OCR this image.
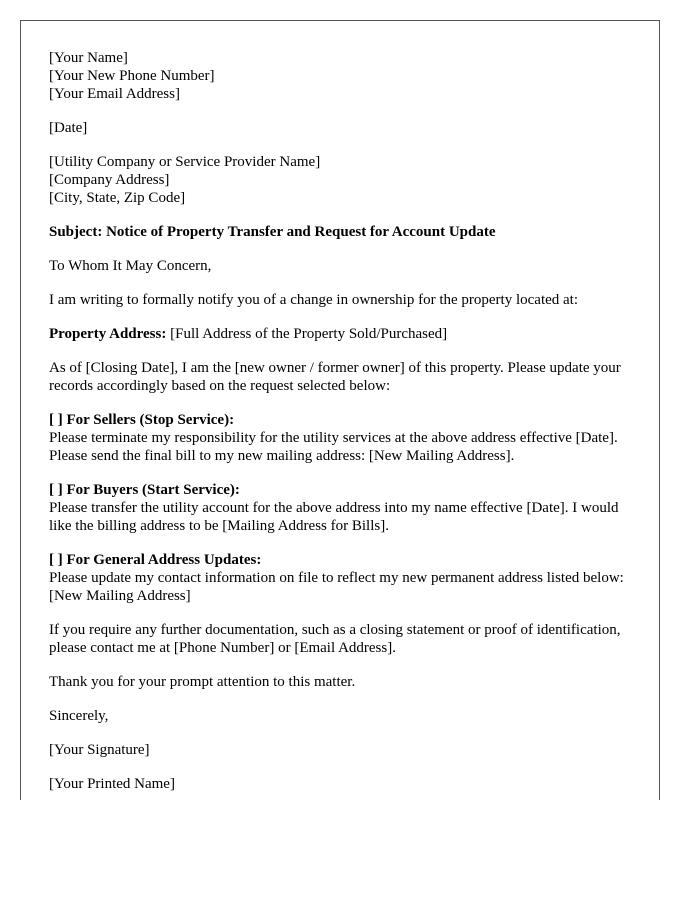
[Your Name]
[Your New Phone Number]
[Your Email Address]
[Date]
[Utility Company or Service Provider Name]
[Company Address]
[City, State, Zip Code]
Subject: Notice of Property Transfer and Request for Account Update
To Whom It May Concern,
I am writing to formally notify you of a change in ownership for the property located at:
Property Address: [Full Address of the Property Sold/Purchased]
As of [Closing Date], I am the [new owner / former owner] of this property. Please update your records accordingly based on the request selected below:
[ ] For Sellers (Stop Service):
Please terminate my responsibility for the utility services at the above address effective [Date]. Please send the final bill to my new mailing address: [New Mailing Address].
[ ] For Buyers (Start Service):
Please transfer the utility account for the above address into my name effective [Date]. I would like the billing address to be [Mailing Address for Bills].
[ ] For General Address Updates:
Please update my contact information on file to reflect my new permanent address listed below:
[New Mailing Address]
If you require any further documentation, such as a closing statement or proof of identification, please contact me at [Phone Number] or [Email Address].
Thank you for your prompt attention to this matter.
Sincerely,
[Your Signature]
[Your Printed Name]
